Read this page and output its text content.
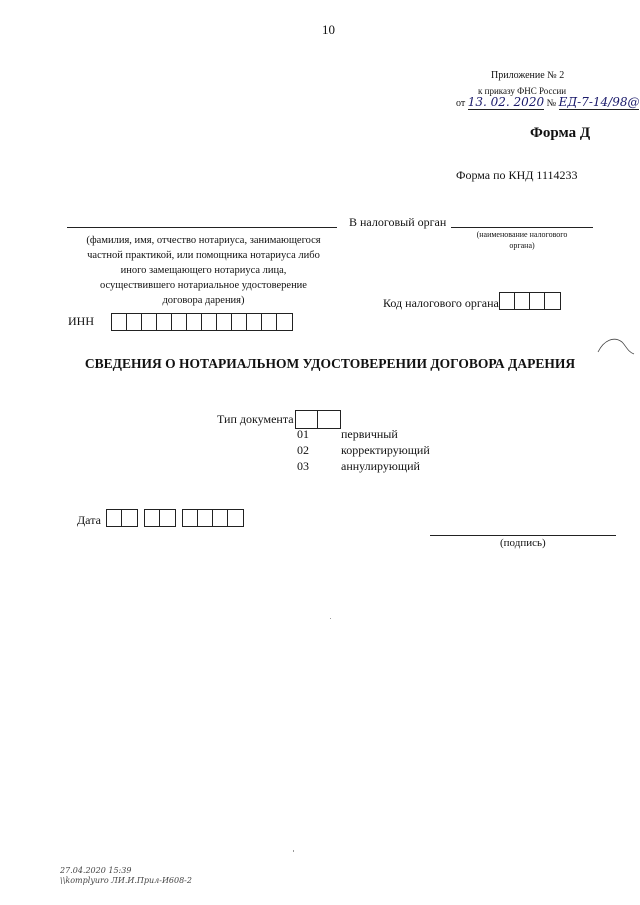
10
Приложение № 2
к приказу ФНС России
от 13. 02. 2020 № ЕД-7-14/98@
Форма Д
Форма по КНД 1114233
(фамилия, имя, отчество нотариуса, занимающегося
частной практикой, или помощника нотариуса либо
иного замещающего нотариуса лица,
осуществившего нотариальное удостоверение
договора дарения)
В налоговый орган
(наименование налогового
органа)
Код налогового органа
ИНН
СВЕДЕНИЯ О НОТАРИАЛЬНОМ УДОСТОВЕРЕНИИ ДОГОВОРА ДАРЕНИЯ
Тип документа
01	первичный
02	корректирующий
03	аннулирующий
Дата
(подпись)
27.04.2020 15:39
\\komplyuro ЛИ.И.Прил-И608-2
